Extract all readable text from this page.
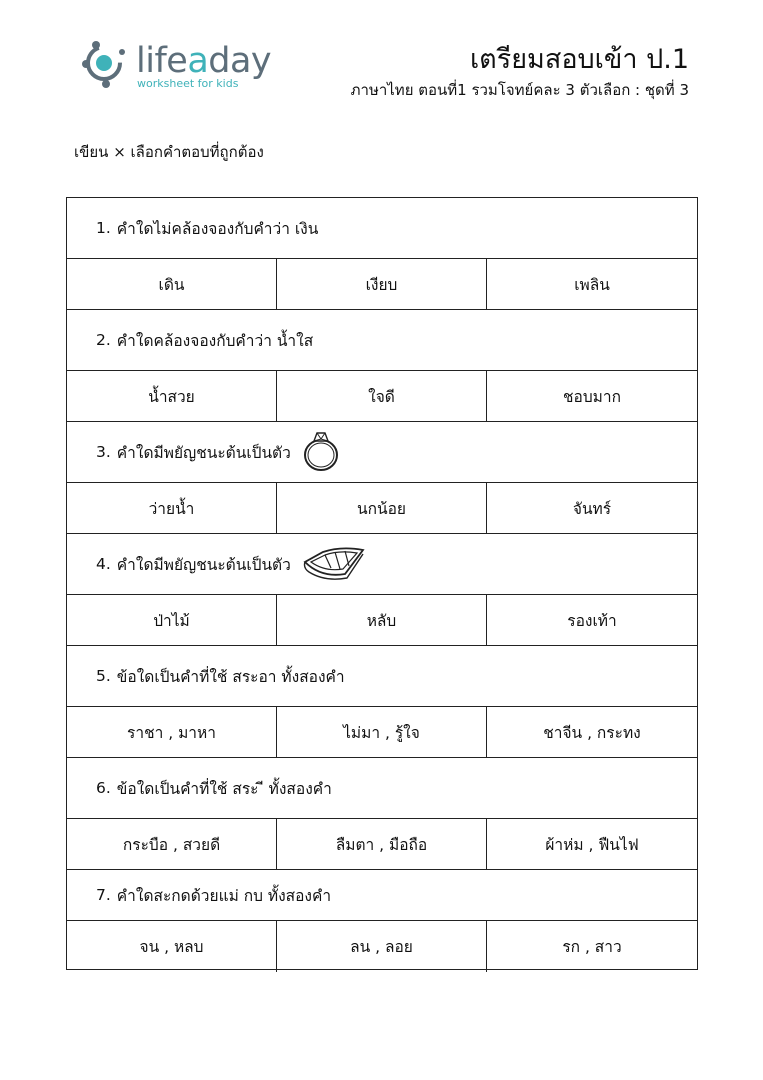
lifeaday
worksheet for kids
เตรียมสอบเข้า ป.1
ภาษาไทย ตอนที่1 รวมโจทย์คละ 3 ตัวเลือก : ชุดที่ 3
เขียน × เลือกคำตอบที่ถูกต้อง
1. คำใดไม่คล้องจองกับคำว่า เงิน
เดิน	เงียบ	เพลิน
2. คำใดคล้องจองกับคำว่า น้ำใส
น้ำสวย	ใจดี	ชอบมาก
3. คำใดมีพยัญชนะต้นเป็นตัว
ว่ายน้ำ	นกน้อย	จันทร์
4. คำใดมีพยัญชนะต้นเป็นตัว
ป่าไม้	หลับ	รองเท้า
5. ข้อใดเป็นคำที่ใช้ สระอา ทั้งสองคำ
ราชา , มาหา	ไม่มา , รู้ใจ	ชาจีน , กระทง
6. ข้อใดเป็นคำที่ใช้ สระ ี ทั้งสองคำ
กระบือ , สวยดี	ลืมตา , มือถือ	ผ้าห่ม , ฟืนไฟ
7. คำใดสะกดด้วยแม่ กบ ทั้งสองคำ
จน , หลบ	ลน , ลอย	รก , สาว
